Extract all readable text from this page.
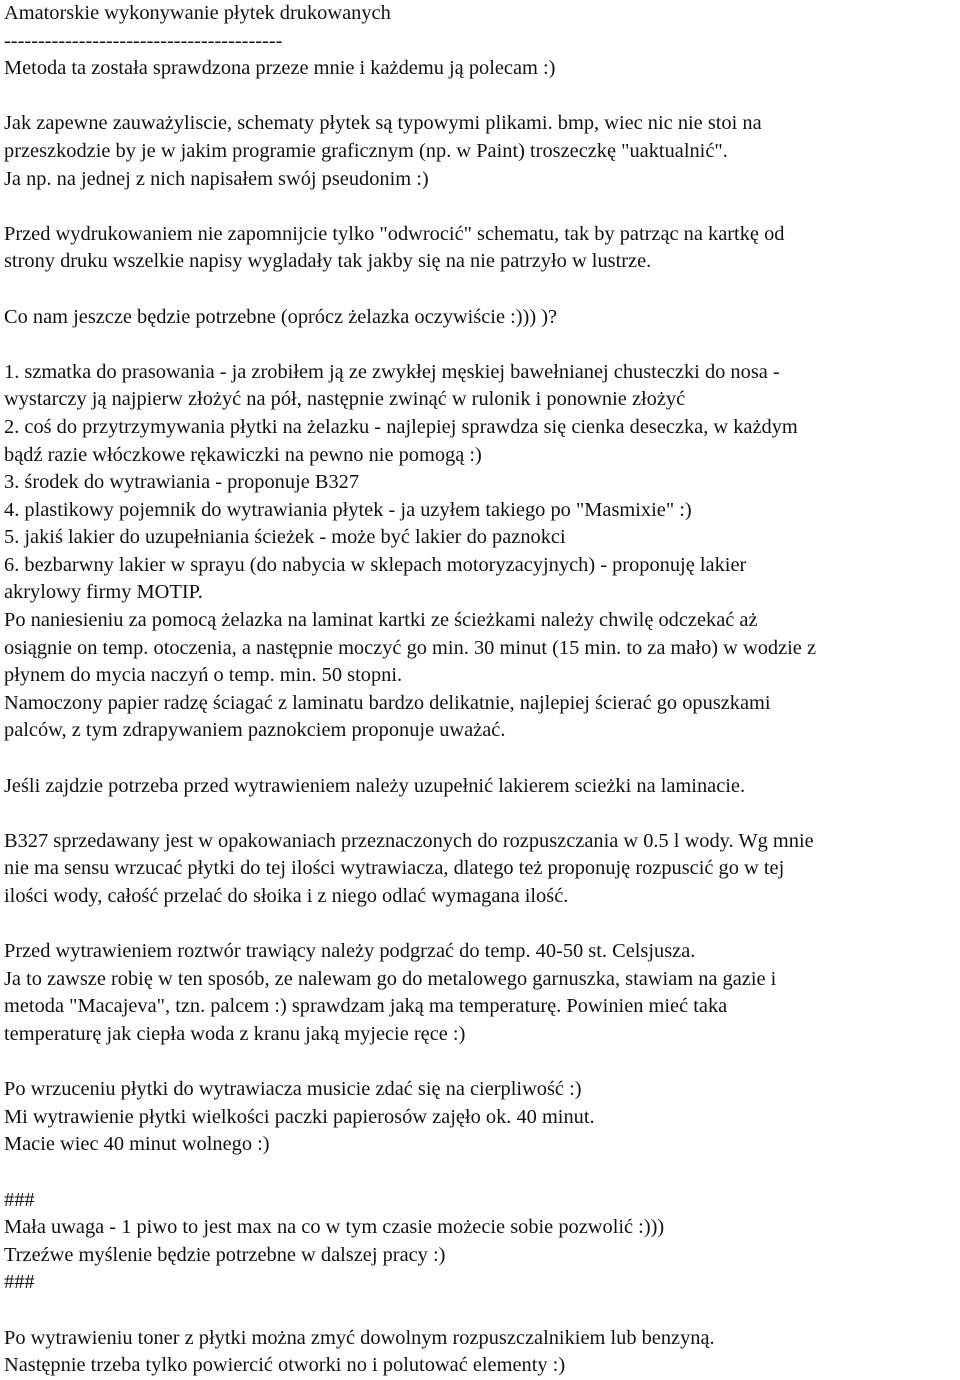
Amatorskie wykonywanie płytek drukowanych
-----------------------------------------
Metoda ta została sprawdzona przeze mnie i każdemu ją polecam :)
Jak zapewne zauważyliscie, schematy płytek są typowymi plikami. bmp, wiec nic nie stoi na
przeszkodzie by je w jakim programie graficznym (np. w Paint) troszeczkę "uaktualnić".
Ja np. na jednej z nich napisałem swój pseudonim :)
Przed wydrukowaniem nie zapomnijcie tylko "odwrocić" schematu, tak by patrząc na kartkę od
strony druku wszelkie napisy wygladały tak jakby się na nie patrzyło w lustrze.
Co nam jeszcze będzie potrzebne (oprócz żelazka oczywiście :))) )?
1. szmatka do prasowania - ja zrobiłem ją ze zwykłej męskiej bawełnianej chusteczki do nosa -
wystarczy ją najpierw złożyć na pół, następnie zwinąć w rulonik i ponownie złożyć
2. coś do przytrzymywania płytki na żelazku - najlepiej sprawdza się cienka deseczka, w każdym
bądź razie włóczkowe rękawiczki na pewno nie pomogą :)
3. środek do wytrawiania - proponuje B327
4. plastikowy pojemnik do wytrawiania płytek - ja uzyłem takiego po "Masmixie" :)
5. jakiś lakier do uzupełniania ścieżek - może być lakier do paznokci
6. bezbarwny lakier w sprayu (do nabycia w sklepach motoryzacyjnych) - proponuję lakier
akrylowy firmy MOTIP.
Po naniesieniu za pomocą żelazka na laminat kartki ze ścieżkami należy chwilę odczekać aż
osiągnie on temp. otoczenia, a następnie moczyć go min. 30 minut (15 min. to za mało) w wodzie z
płynem do mycia naczyń o temp. min. 50 stopni.
Namoczony papier radzę ściagać z laminatu bardzo delikatnie, najlepiej ścierać go opuszkami
palców, z tym zdrapywaniem paznokciem proponuje uważać.
Jeśli zajdzie potrzeba przed wytrawieniem należy uzupełnić lakierem scieżki na laminacie.
B327 sprzedawany jest w opakowaniach przeznaczonych do rozpuszczania w 0.5 l wody. Wg mnie
nie ma sensu wrzucać płytki do tej ilości wytrawiacza, dlatego też proponuję rozpuscić go w tej
ilości wody, całość przelać do słoika i z niego odlać wymagana ilość.
Przed wytrawieniem roztwór trawiący należy podgrzać do temp. 40-50 st. Celsjusza.
Ja to zawsze robię w ten sposób, ze nalewam go do metalowego garnuszka, stawiam na gazie i
metoda "Macajeva", tzn. palcem :) sprawdzam jaką ma temperaturę. Powinien mieć taka
temperaturę jak ciepła woda z kranu jaką myjecie ręce :)
Po wrzuceniu płytki do wytrawiacza musicie zdać się na cierpliwość :)
Mi wytrawienie płytki wielkości paczki papierosów zajęło ok. 40 minut.
Macie wiec 40 minut wolnego :)
###
Mała uwaga - 1 piwo to jest max na co w tym czasie możecie sobie pozwolić :)))
Trzeźwe myślenie będzie potrzebne w dalszej pracy :)
###
Po wytrawieniu toner z płytki można zmyć dowolnym rozpuszczalnikiem lub benzyną.
Następnie trzeba tylko powiercić otworki no i polutować elementy :)
